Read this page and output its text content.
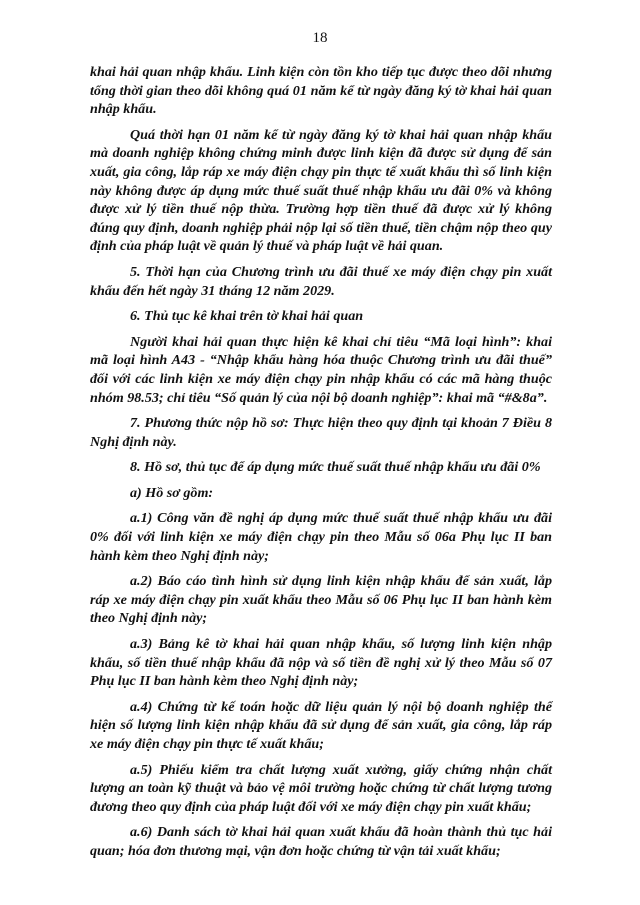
18

khai hải quan nhập khẩu. Linh kiện còn tồn kho tiếp tục được theo dõi nhưng tổng thời gian theo dõi không quá 01 năm kể từ ngày đăng ký tờ khai hải quan nhập khẩu.

Quá thời hạn 01 năm kể từ ngày đăng ký tờ khai hải quan nhập khẩu mà doanh nghiệp không chứng minh được linh kiện đã được sử dụng để sản xuất, gia công, lắp ráp xe máy điện chạy pin thực tế xuất khẩu thì số linh kiện này không được áp dụng mức thuế suất thuế nhập khẩu ưu đãi 0% và không được xử lý tiền thuế nộp thừa. Trường hợp tiền thuế đã được xử lý không đúng quy định, doanh nghiệp phải nộp lại số tiền thuế, tiền chậm nộp theo quy định của pháp luật về quản lý thuế và pháp luật về hải quan.

5. Thời hạn của Chương trình ưu đãi thuế xe máy điện chạy pin xuất khẩu đến hết ngày 31 tháng 12 năm 2029.

6. Thủ tục kê khai trên tờ khai hải quan

Người khai hải quan thực hiện kê khai chỉ tiêu “Mã loại hình”: khai mã loại hình A43 - “Nhập khẩu hàng hóa thuộc Chương trình ưu đãi thuế” đối với các linh kiện xe máy điện chạy pin nhập khẩu có các mã hàng thuộc nhóm 98.53; chỉ tiêu “Số quản lý của nội bộ doanh nghiệp”: khai mã “#&8a”.

7. Phương thức nộp hồ sơ: Thực hiện theo quy định tại khoản 7 Điều 8 Nghị định này.

8. Hồ sơ, thủ tục để áp dụng mức thuế suất thuế nhập khẩu ưu đãi 0%

a) Hồ sơ gồm:

a.1) Công văn đề nghị áp dụng mức thuế suất thuế nhập khẩu ưu đãi 0% đối với linh kiện xe máy điện chạy pin theo Mẫu số 06a Phụ lục II ban hành kèm theo Nghị định này;

a.2) Báo cáo tình hình sử dụng linh kiện nhập khẩu để sản xuất, lắp ráp xe máy điện chạy pin xuất khẩu theo Mẫu số 06 Phụ lục II ban hành kèm theo Nghị định này;

a.3) Bảng kê tờ khai hải quan nhập khẩu, số lượng linh kiện nhập khẩu, số tiền thuế nhập khẩu đã nộp và số tiền đề nghị xử lý theo Mẫu số 07 Phụ lục II ban hành kèm theo Nghị định này;

a.4) Chứng từ kế toán hoặc dữ liệu quản lý nội bộ doanh nghiệp thể hiện số lượng linh kiện nhập khẩu đã sử dụng để sản xuất, gia công, lắp ráp xe máy điện chạy pin thực tế xuất khẩu;

a.5) Phiếu kiểm tra chất lượng xuất xưởng, giấy chứng nhận chất lượng an toàn kỹ thuật và bảo vệ môi trường hoặc chứng từ chất lượng tương đương theo quy định của pháp luật đối với xe máy điện chạy pin xuất khẩu;

a.6) Danh sách tờ khai hải quan xuất khẩu đã hoàn thành thủ tục hải quan; hóa đơn thương mại, vận đơn hoặc chứng từ vận tải xuất khẩu;
